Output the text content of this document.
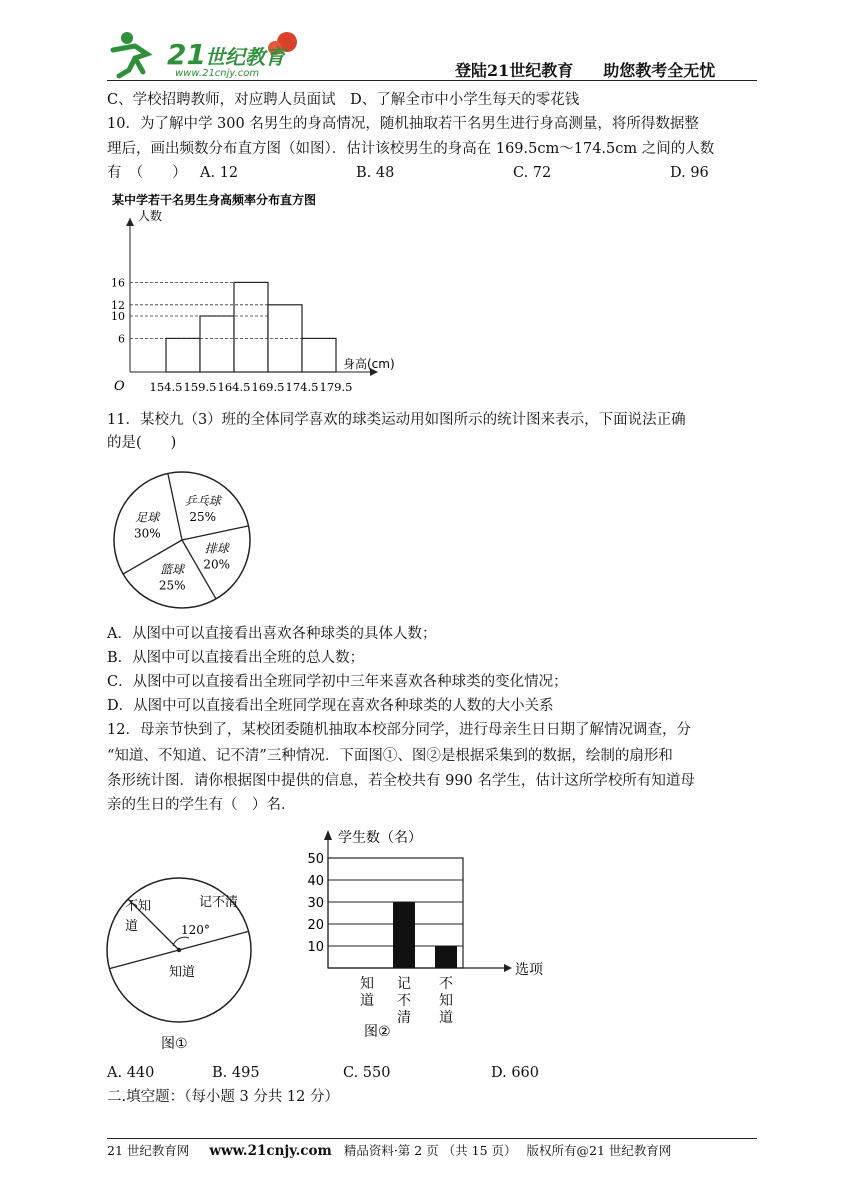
21 世纪教育
www.21cnjy.com	登陆21世纪教育 助您教考全无忧
C、学校招聘教师，对应聘人员面试　D、了解全市中小学生每天的零花钱
10．为了解中学 300 名男生的身高情况，随机抽取若干名男生进行身高测量，将所得数据整
理后，画出频数分布直方图（如图）．估计该校男生的身高在 169.5cm～174.5cm 之间的人数
有　（　　） A. 12	B. 48	C. 72	D. 96
某中学若干名男生身高频率分布直方图
人数
6
10
12
16
154.5 159.5 164.5 169.5 174.5 179.5
身高(cm)
O
11．某校九（3）班的全体同学喜欢的球类运动用如图所示的统计图来表示，下面说法正确
的是(　　)
足球
30%
乒乓球
25%
排球
20%
篮球
25%
A．从图中可以直接看出喜欢各种球类的具体人数；
B．从图中可以直接看出全班的总人数；
C．从图中可以直接看出全班同学初中三年来喜欢各种球类的变化情况；
D．从图中可以直接看出全班同学现在喜欢各种球类的人数的大小关系
12．母亲节快到了，某校团委随机抽取本校部分同学，进行母亲生日日期了解情况调查，分
“知道、不知道、记不清”三种情况．下面图①、图②是根据采集到的数据，绘制的扇形和
条形统计图．请你根据图中提供的信息，若全校共有 990 名学生，估计这所学校所有知道母
亲的生日的学生有（　）名．
不知
道
记不清
120°
知道
图①
10
20
30
40
50
学生数（名）
选项
知
道
记
不
清
不
知
道
图②
A. 440	B. 495	C. 550	D. 660
二.填空题：（每小题 3 分共 12 分）
21 世纪教育网 www.21cnjy.com 精品资料·第 2 页 （共 15 页） 版权所有@21 世纪教育网
